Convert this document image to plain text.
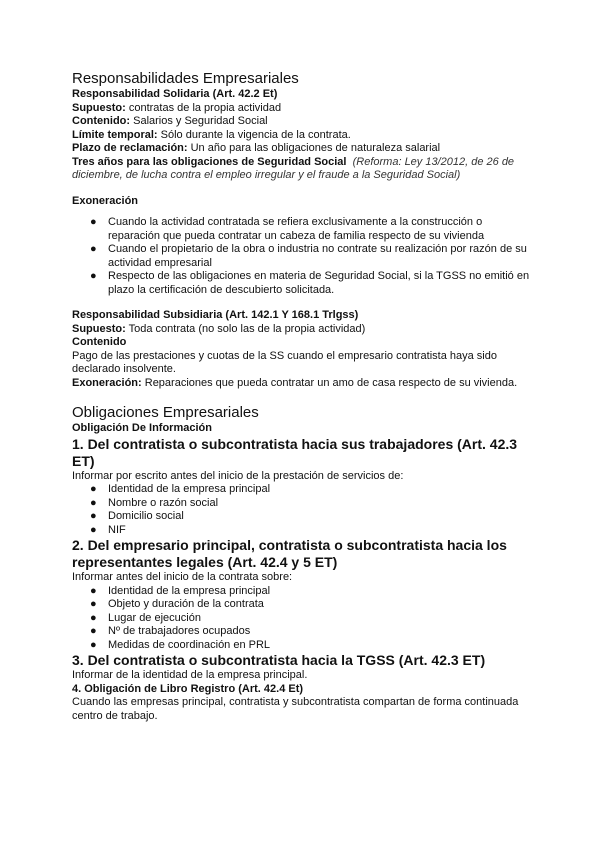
Responsabilidades Empresariales

Responsabilidad Solidaria (Art. 42.2 Et)

Supuesto: contratas de la propia actividad

Contenido: Salarios y Seguridad Social

Límite temporal: Sólo durante la vigencia de la contrata.

Plazo de reclamación: Un año para las obligaciones de naturaleza salarial

Tres años para las obligaciones de Seguridad Social (Reforma: Ley 13/2012, de 26 de diciembre, de lucha contra el empleo irregular y el fraude a la Seguridad Social)

Exoneración

● Cuando la actividad contratada se refiera exclusivamente a la construcción o reparación que pueda contratar un cabeza de familia respecto de su vivienda
● Cuando el propietario de la obra o industria no contrate su realización por razón de su actividad empresarial
● Respecto de las obligaciones en materia de Seguridad Social, si la TGSS no emitió en plazo la certificación de descubierto solicitada.

Responsabilidad Subsidiaria (Art. 142.1 Y 168.1 Trlgss)

Supuesto: Toda contrata (no solo las de la propia actividad)

Contenido

Pago de las prestaciones y cuotas de la SS cuando el empresario contratista haya sido declarado insolvente.

Exoneración: Reparaciones que pueda contratar un amo de casa respecto de su vivienda.

Obligaciones Empresariales

Obligación De Información

1. Del contratista o subcontratista hacia sus trabajadores (Art. 42.3 ET)

Informar por escrito antes del inicio de la prestación de servicios de:

● Identidad de la empresa principal
● Nombre o razón social
● Domicilio social
● NIF

2. Del empresario principal, contratista o subcontratista hacia los representantes legales (Art. 42.4 y 5 ET)

Informar antes del inicio de la contrata sobre:

● Identidad de la empresa principal
● Objeto y duración de la contrata
● Lugar de ejecución
● Nº de trabajadores ocupados
● Medidas de coordinación en PRL

3. Del contratista o subcontratista hacia la TGSS (Art. 42.3 ET)

Informar de la identidad de la empresa principal.

4. Obligación de Libro Registro (Art. 42.4 Et)

Cuando las empresas principal, contratista y subcontratista compartan de forma continuada centro de trabajo.
